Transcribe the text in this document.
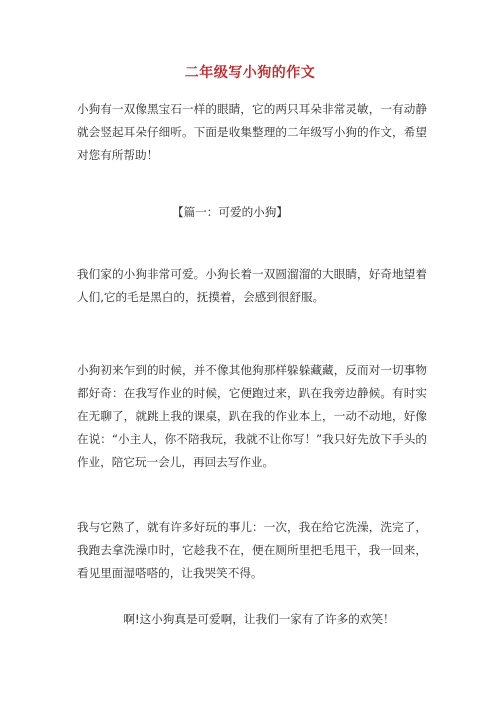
二年级写小狗的作文

小狗有一双像黑宝石一样的眼睛，它的两只耳朵非常灵敏，一有动静就会竖起耳朵仔细听。下面是收集整理的二年级写小狗的作文，希望对您有所帮助！

【篇一：可爱的小狗】

我们家的小狗非常可爱。小狗长着一双圆溜溜的大眼睛，好奇地望着人们,它的毛是黑白的，抚摸着，会感到很舒服。

小狗初来乍到的时候，并不像其他狗那样躲躲藏藏，反而对一切事物都好奇：在我写作业的时候，它便跑过来，趴在我旁边静候。有时实在无聊了，就跳上我的课桌，趴在我的作业本上，一动不动地，好像在说：“小主人，你不陪我玩，我就不让你写！”我只好先放下手头的作业，陪它玩一会儿，再回去写作业。

我与它熟了，就有许多好玩的事儿：一次，我在给它洗澡，洗完了，我跑去拿洗澡巾时，它趁我不在，便在厕所里把毛甩干，我一回来，看见里面湿嗒嗒的，让我哭笑不得。

啊!这小狗真是可爱啊，让我们一家有了许多的欢笑！
